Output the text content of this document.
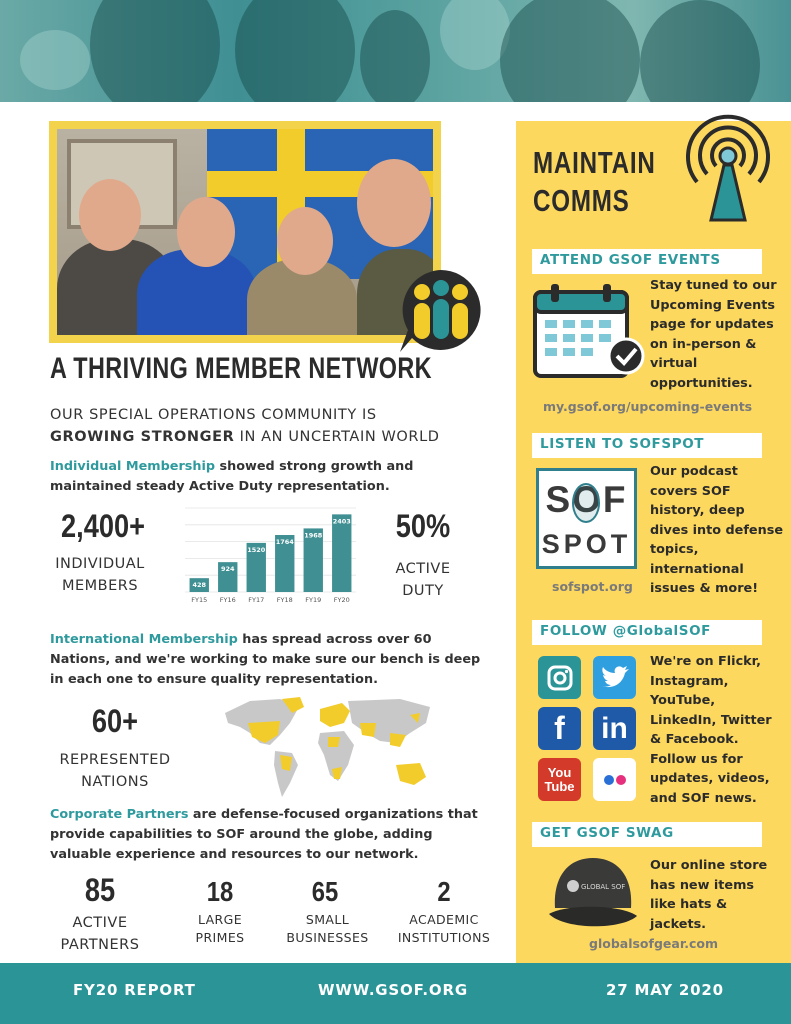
A THRIVING MEMBER NETWORK
OUR SPECIAL OPERATIONS COMMUNITY IS
GROWING STRONGER IN AN UNCERTAIN WORLD
Individual Membership showed strong growth and maintained steady Active Duty representation.
2,400+
INDIVIDUAL
MEMBERS	428
924
1520
1764
1968
2403
FY15 FY16 FY17 FY18 FY19 FY20
50%
ACTIVE
DUTY
International Membership has spread across over 60 Nations, and we're working to make sure our bench is deep in each one to ensure quality representation.
60+
REPRESENTED
NATIONS
Corporate Partners are defense-focused organizations that provide capabilities to SOF around the globe, adding valuable experience and resources to our network.
85
ACTIVE
PARTNERS
18
LARGE
PRIMES
65
SMALL
BUSINESSES
2
ACADEMIC
INSTITUTIONS
MAINTAIN
COMMS
ATTEND GSOF EVENTS
Stay tuned to our Upcoming Events page for updates on in-person & virtual opportunities.
my.gsof.org/upcoming-events
LISTEN TO SOFSPOT
SOF
SPOT
Our podcast covers SOF history, deep dives into defense topics, international issues & more!
sofspot.org
FOLLOW @GlobalSOF
f	in
You
Tube
We're on Flickr, Instagram, YouTube, LinkedIn, Twitter & Facebook. Follow us for updates, videos, and SOF news.
GET GSOF SWAG
GLOBAL SOF
Our online store has new items like hats & jackets.
globalsofgear.com
FY20 REPORT	WWW.GSOF.ORG	27 MAY 2020
